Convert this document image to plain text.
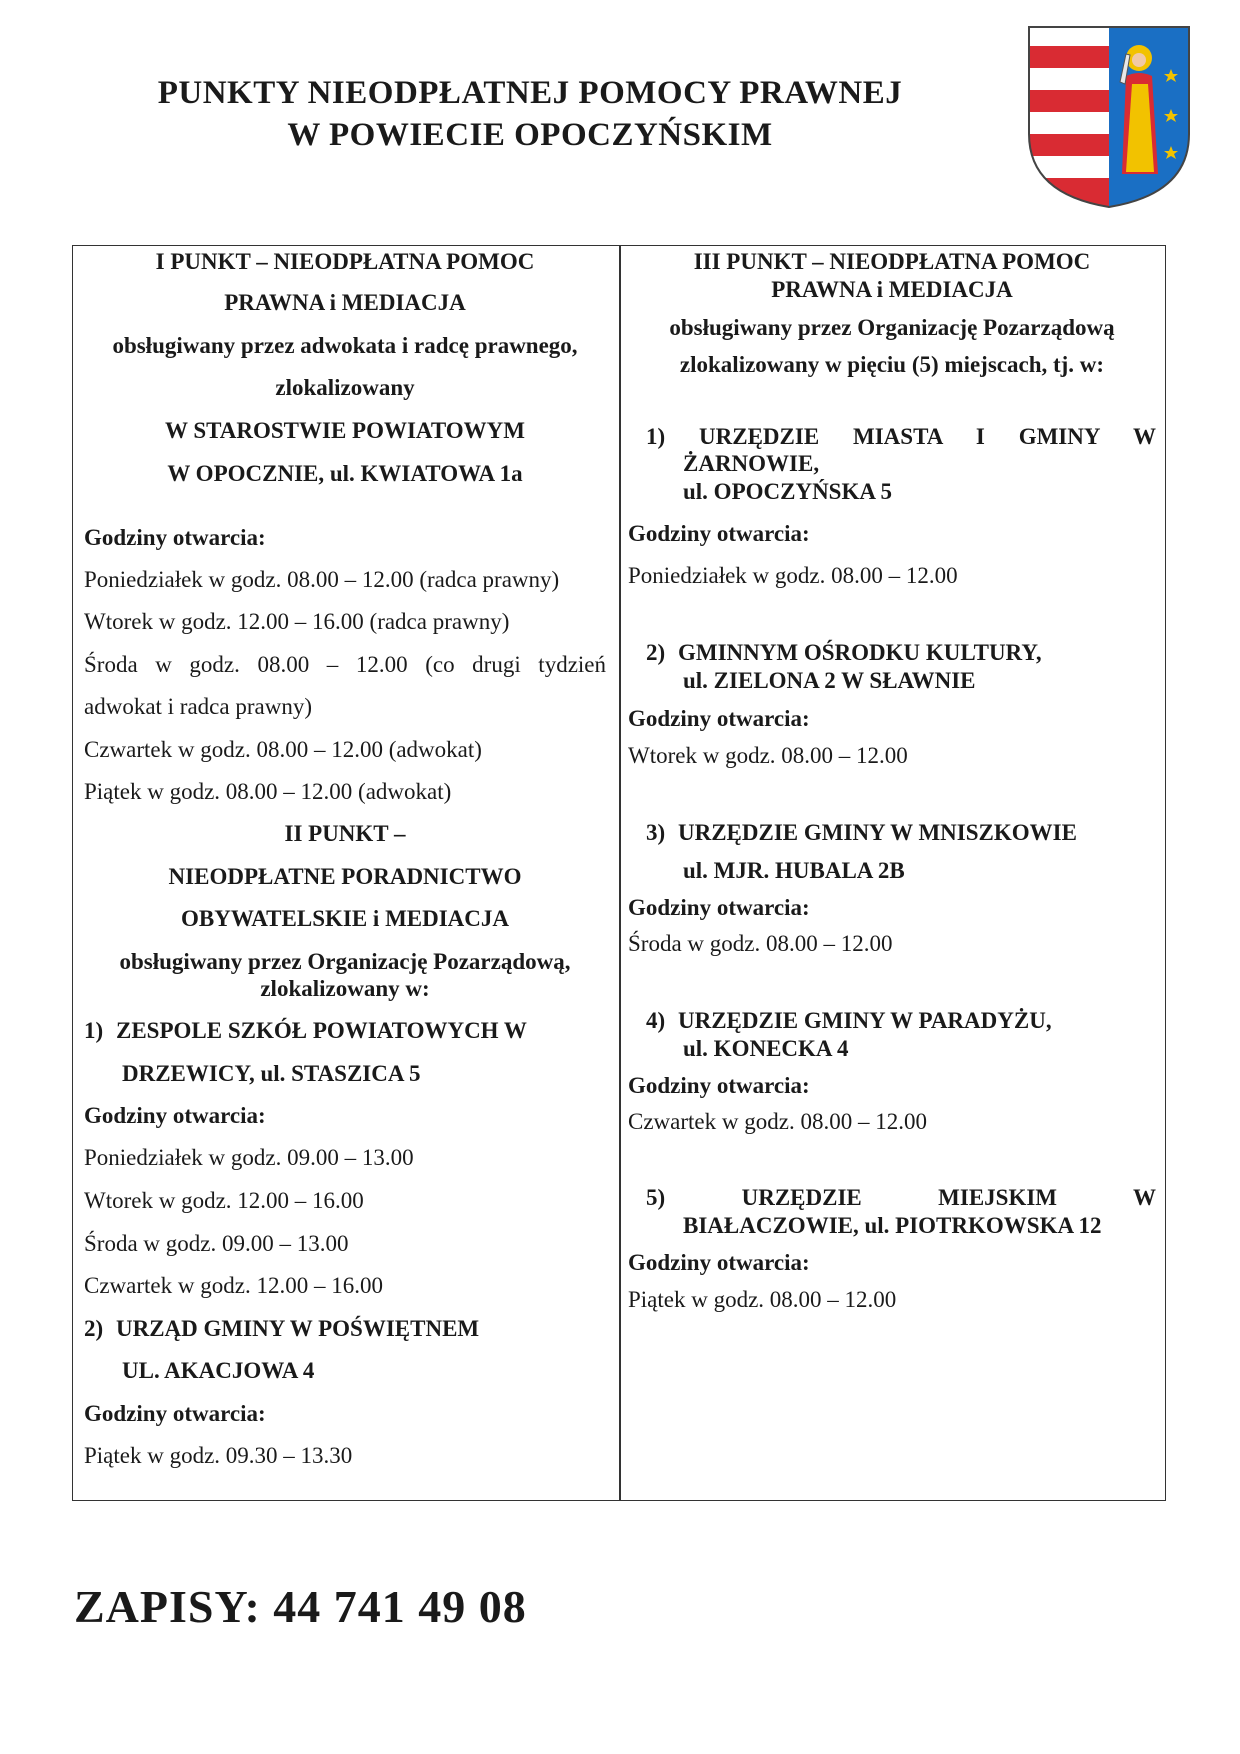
PUNKTY NIEODPŁATNEJ POMOCY PRAWNEJ
W POWIECIE OPOCZYŃSKIM
I PUNKT – NIEODPŁATNA POMOC
PRAWNA i MEDIACJA
obsługiwany przez adwokata i radcę prawnego,
zlokalizowany
W STAROSTWIE POWIATOWYM
W OPOCZNIE, ul. KWIATOWA 1a
Godziny otwarcia:
Poniedziałek w godz. 08.00 – 12.00 (radca prawny)
Wtorek w godz. 12.00 – 16.00 (radca prawny)
Środa w godz. 08.00 – 12.00 (co drugi tydzień
adwokat i radca prawny)
Czwartek w godz. 08.00 – 12.00 (adwokat)
Piątek w godz. 08.00 – 12.00 (adwokat)
II PUNKT –
NIEODPŁATNE PORADNICTWO
OBYWATELSKIE i MEDIACJA
obsługiwany przez Organizację Pozarządową,
zlokalizowany w:
1) ZESPOLE SZKÓŁ POWIATOWYCH W
DRZEWICY, ul. STASZICA 5
Godziny otwarcia:
Poniedziałek w godz. 09.00 – 13.00
Wtorek w godz. 12.00 – 16.00
Środa w godz. 09.00 – 13.00
Czwartek w godz. 12.00 – 16.00
2) URZĄD GMINY W POŚWIĘTNEM
UL. AKACJOWA 4
Godziny otwarcia:
Piątek w godz. 09.30 – 13.30
III PUNKT – NIEODPŁATNA POMOC
PRAWNA i MEDIACJA
obsługiwany przez Organizację Pozarządową
zlokalizowany w pięciu (5) miejscach, tj. w:
1) URZĘDZIE MIASTA I GMINY W
ŻARNOWIE,
ul. OPOCZYŃSKA 5
Godziny otwarcia:
Poniedziałek w godz. 08.00 – 12.00
2) GMINNYM OŚRODKU KULTURY,
ul. ZIELONA 2 W SŁAWNIE
Godziny otwarcia:
Wtorek w godz. 08.00 – 12.00
3) URZĘDZIE GMINY W MNISZKOWIE
ul. MJR. HUBALA 2B
Godziny otwarcia:
Środa w godz. 08.00 – 12.00
4) URZĘDZIE GMINY W PARADYŻU,
ul. KONECKA 4
Godziny otwarcia:
Czwartek w godz. 08.00 – 12.00
5)	URZĘDZIE	MIEJSKIM	W
BIAŁACZOWIE, ul. PIOTRKOWSKA 12
Godziny otwarcia:
Piątek w godz. 08.00 – 12.00
ZAPISY: 44 741 49 08
